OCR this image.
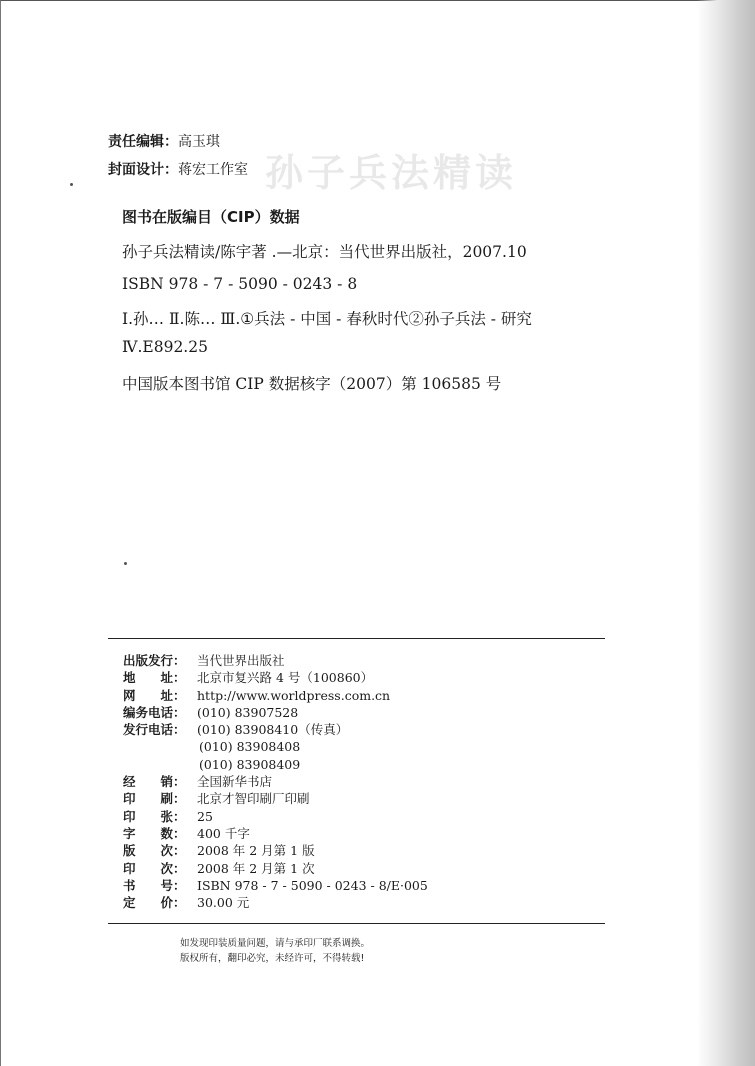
孙子兵法精读
责任编辑：高玉琪
封面设计：蒋宏工作室
图书在版编目（CIP）数据
孙子兵法精读/陈宇著 .—北京：当代世界出版社，2007.10
ISBN 978 - 7 - 5090 - 0243 - 8
Ⅰ.孙… Ⅱ.陈… Ⅲ.①兵法 - 中国 - 春秋时代②孙子兵法 - 研究
Ⅳ.E892.25
中国版本图书馆 CIP 数据核字（2007）第 106585 号
出版发行： 当代世界出版社
地　　址： 北京市复兴路 4 号（100860）
网　　址： http://www.worldpress.com.cn
编务电话： (010) 83907528
发行电话： (010) 83908410（传真）
(010) 83908408
(010) 83908409
经　　销： 全国新华书店
印　　刷： 北京才智印刷厂印刷
印　　张： 25
字　　数： 400 千字
版　　次： 2008 年 2 月第 1 版
印　　次： 2008 年 2 月第 1 次
书　　号： ISBN 978 - 7 - 5090 - 0243 - 8/E·005
定　　价： 30.00 元
如发现印装质量问题，请与承印厂联系调换。
版权所有，翻印必究，未经许可，不得转载!
